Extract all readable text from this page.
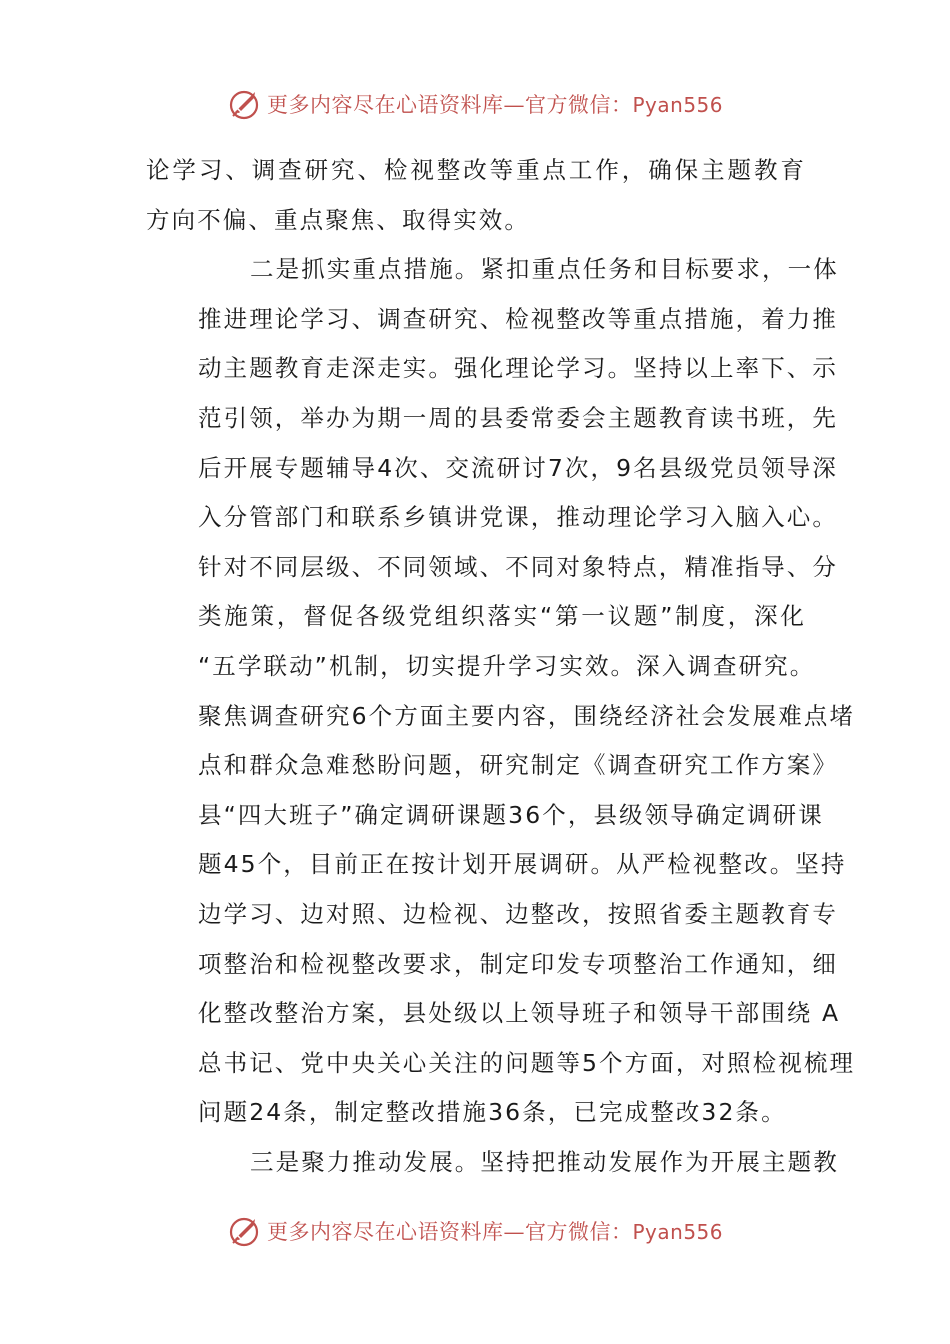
更多内容尽在心语资料库—官方微信：Pyan556

论学习、调查研究、检视整改等重点工作，确保主题教育
方向不偏、重点聚焦、取得实效。

二是抓实重点措施。紧扣重点任务和目标要求，一体
推进理论学习、调查研究、检视整改等重点措施，着力推
动主题教育走深走实。强化理论学习。坚持以上率下、示
范引领，举办为期一周的县委常委会主题教育读书班，先
后开展专题辅导4次、交流研讨7次，9名县级党员领导深
入分管部门和联系乡镇讲党课，推动理论学习入脑入心。
针对不同层级、不同领域、不同对象特点，精准指导、分
类施策，督促各级党组织落实“第一议题”制度，深化
“五学联动”机制，切实提升学习实效。深入调查研究。
聚焦调查研究6个方面主要内容，围绕经济社会发展难点堵
点和群众急难愁盼问题，研究制定《调查研究工作方案》
县“四大班子”确定调研课题36个，县级领导确定调研课
题45个，目前正在按计划开展调研。从严检视整改。坚持
边学习、边对照、边检视、边整改，按照省委主题教育专
项整治和检视整改要求，制定印发专项整治工作通知，细
化整改整治方案，县处级以上领导班子和领导干部围绕 A
总书记、党中央关心关注的问题等5个方面，对照检视梳理
问题24条，制定整改措施36条，已完成整改32条。

三是聚力推动发展。坚持把推动发展作为开展主题教

更多内容尽在心语资料库—官方微信：Pyan556
